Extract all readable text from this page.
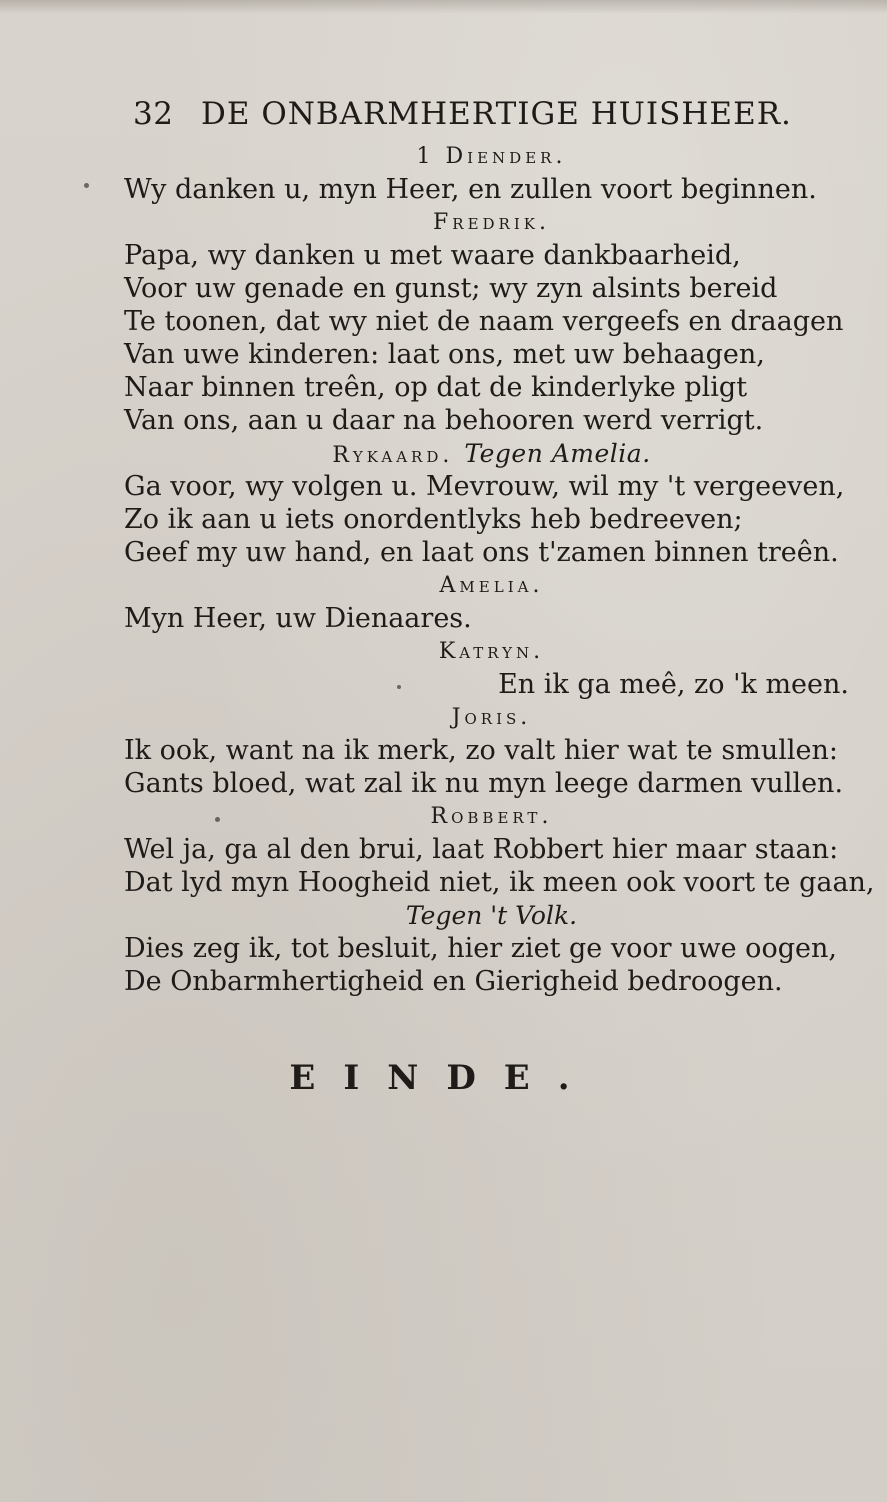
32 DE ONBARMHERTIGE HUISHEER.
1 Diender.
Wy danken u, myn Heer, en zullen voort beginnen.
Fredrik.
Papa, wy danken u met waare dankbaarheid,
Voor uw genade en gunst; wy zyn alsints bereid
Te toonen, dat wy niet de naam vergeefs en draagen
Van uwe kinderen: laat ons, met uw behaagen,
Naar binnen treên, op dat de kinderlyke pligt
Van ons, aan u daar na behooren werd verrigt.
Rykaard. Tegen Amelia.
Ga voor, wy volgen u. Mevrouw, wil my 't vergeeven,
Zo ik aan u iets onordentlyks heb bedreeven;
Geef my uw hand, en laat ons t'zamen binnen treên.
Amelia.
Myn Heer, uw Dienaares.
Katryn.
En ik ga meê, zo 'k meen.
Joris.
Ik ook, want na ik merk, zo valt hier wat te smullen:
Gants bloed, wat zal ik nu myn leege darmen vullen.
Robbert.
Wel ja, ga al den brui, laat Robbert hier maar staan:
Dat lyd myn Hoogheid niet, ik meen ook voort te gaan,
Tegen 't Volk.
Dies zeg ik, tot besluit, hier ziet ge voor uwe oogen,
De Onbarmhertigheid en Gierigheid bedroogen.
EINDE.
